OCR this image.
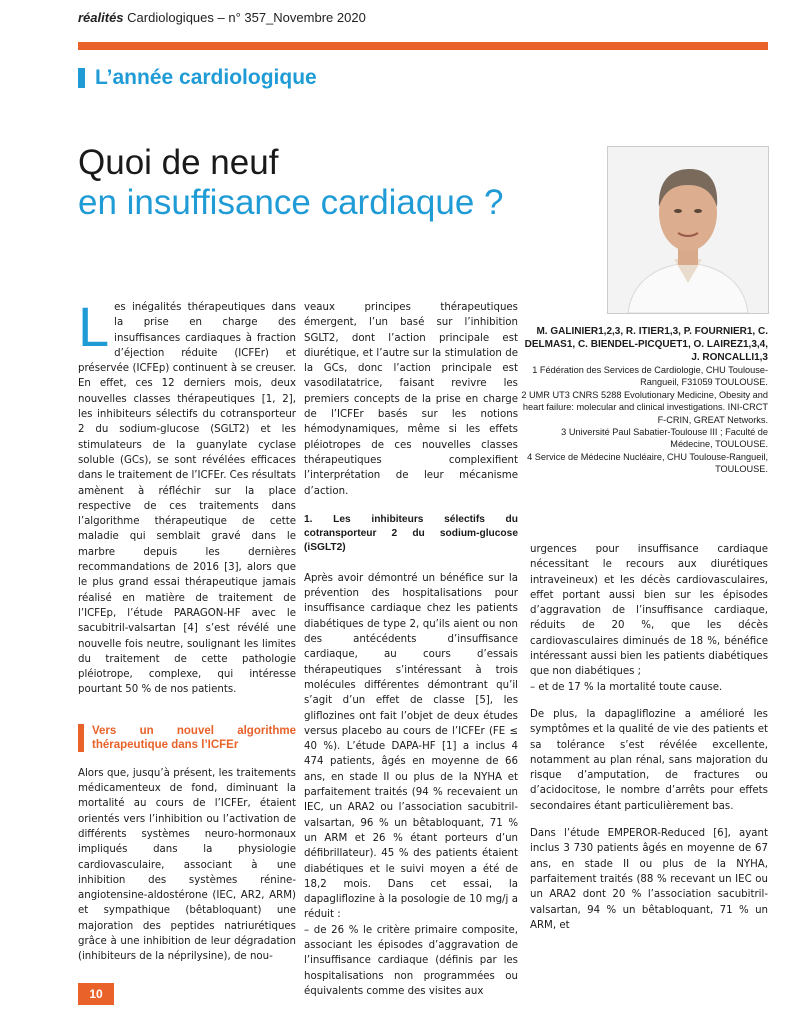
réalités Cardiologiques – n° 357_Novembre 2020
L’année cardiologique
Quoi de neuf
en insuffisance cardiaque ?
M. GALINIER1,2,3, R. ITIER1,3, P. FOURNIER1, C. DELMAS1, C. BIENDEL-PICQUET1, O. LAIREZ1,3,4, J. RONCALLI1,3
1 Fédération des Services de Cardiologie, CHU Toulouse-Rangueil, F31059 TOULOUSE.
2 UMR UT3 CNRS 5288 Evolutionary Medicine, Obesity and heart failure: molecular and clinical investigations. INI-CRCT F-CRIN, GREAT Networks.
3 Université Paul Sabatier-Toulouse III ; Faculté de Médecine, TOULOUSE.
4 Service de Médecine Nucléaire, CHU Toulouse-Rangueil, TOULOUSE.

Les inégalités thérapeutiques dans la prise en charge des insuffisances cardiaques à fraction d’éjection réduite (ICFEr) et préservée (ICFEp) continuent à se creuser. En effet, ces 12 derniers mois, deux nouvelles classes thérapeutiques [1, 2], les inhibiteurs sélectifs du cotransporteur 2 du sodium-glucose (SGLT2) et les stimulateurs de la guanylate cyclase soluble (GCs), se sont révélées efficaces dans le traitement de l’ICFEr. Ces résultats amènent à réfléchir sur la place respective de ces traitements dans l’algorithme thérapeutique de cette maladie qui semblait gravé dans le marbre depuis les dernières recommandations de 2016 [3], alors que le plus grand essai thérapeutique jamais réalisé en matière de traitement de l’ICFEp, l’étude PARAGON-HF avec le sacubitril-valsartan [4] s’est révélé une nouvelle fois neutre, soulignant les limites du traitement de cette pathologie pléiotrope, complexe, qui intéresse pourtant 50 % de nos patients.

Vers un nouvel algorithme thérapeutique dans l’ICFEr

Alors que, jusqu’à présent, les traitements médicamenteux de fond, diminuant la mortalité au cours de l’ICFEr, étaient orientés vers l’inhibition ou l’activation de différents systèmes neuro-hormonaux impliqués dans la physiologie cardiovasculaire, associant à une inhibition des systèmes rénine-angiotensine-aldostérone (IEC, AR2, ARM) et sympathique (bêtabloquant) une majoration des peptides natriurétiques grâce à une inhibition de leur dégradation (inhibiteurs de la néprilysine), de nou-

veaux principes thérapeutiques émergent, l’un basé sur l’inhibition SGLT2, dont l’action principale est diurétique, et l’autre sur la stimulation de la GCs, donc l’action principale est vasodilatatrice, faisant revivre les premiers concepts de la prise en charge de l’ICFEr basés sur les notions hémodynamiques, même si les effets pléiotropes de ces nouvelles classes thérapeutiques complexifient l’interprétation de leur mécanisme d’action.

1. Les inhibiteurs sélectifs du cotransporteur 2 du sodium-glucose (iSGLT2)

Après avoir démontré un bénéfice sur la prévention des hospitalisations pour insuffisance cardiaque chez les patients diabétiques de type 2, qu’ils aient ou non des antécédents d’insuffisance cardiaque, au cours d’essais thérapeutiques s’intéressant à trois molécules différentes démontrant qu’il s’agit d’un effet de classe [5], les gliflozines ont fait l’objet de deux études versus placebo au cours de l’ICFEr (FE ≤ 40 %). L’étude DAPA-HF [1] a inclus 4 474 patients, âgés en moyenne de 66 ans, en stade II ou plus de la NYHA et parfaitement traités (94 % recevaient un IEC, un ARA2 ou l’association sacubitril-valsartan, 96 % un bêtabloquant, 71 % un ARM et 26 % étant porteurs d’un défibrillateur). 45 % des patients étaient diabétiques et le suivi moyen a été de 18,2 mois. Dans cet essai, la dapagliflozine à la posologie de 10 mg/j a réduit :

– de 26 % le critère primaire composite, associant les épisodes d’aggravation de l’insuffisance cardiaque (définis par les hospitalisations non programmées ou équivalents comme des visites aux

urgences pour insuffisance cardiaque nécessitant le recours aux diurétiques intraveineux) et les décès cardiovasculaires, effet portant aussi bien sur les épisodes d’aggravation de l’insuffisance cardiaque, réduits de 20 %, que les décès cardiovasculaires diminués de 18 %, bénéfice intéressant aussi bien les patients diabétiques que non diabétiques ;

– et de 17 % la mortalité toute cause.

De plus, la dapagliflozine a amélioré les symptômes et la qualité de vie des patients et sa tolérance s’est révélée excellente, notamment au plan rénal, sans majoration du risque d’amputation, de fractures ou d’acidocitose, le nombre d’arrêts pour effets secondaires étant particulièrement bas.

Dans l’étude EMPEROR-Reduced [6], ayant inclus 3 730 patients âgés en moyenne de 67 ans, en stade II ou plus de la NYHA, parfaitement traités (88 % recevant un IEC ou un ARA2 dont 20 % l’association sacubitril-valsartan, 94 % un bêtabloquant, 71 % un ARM, et

10
